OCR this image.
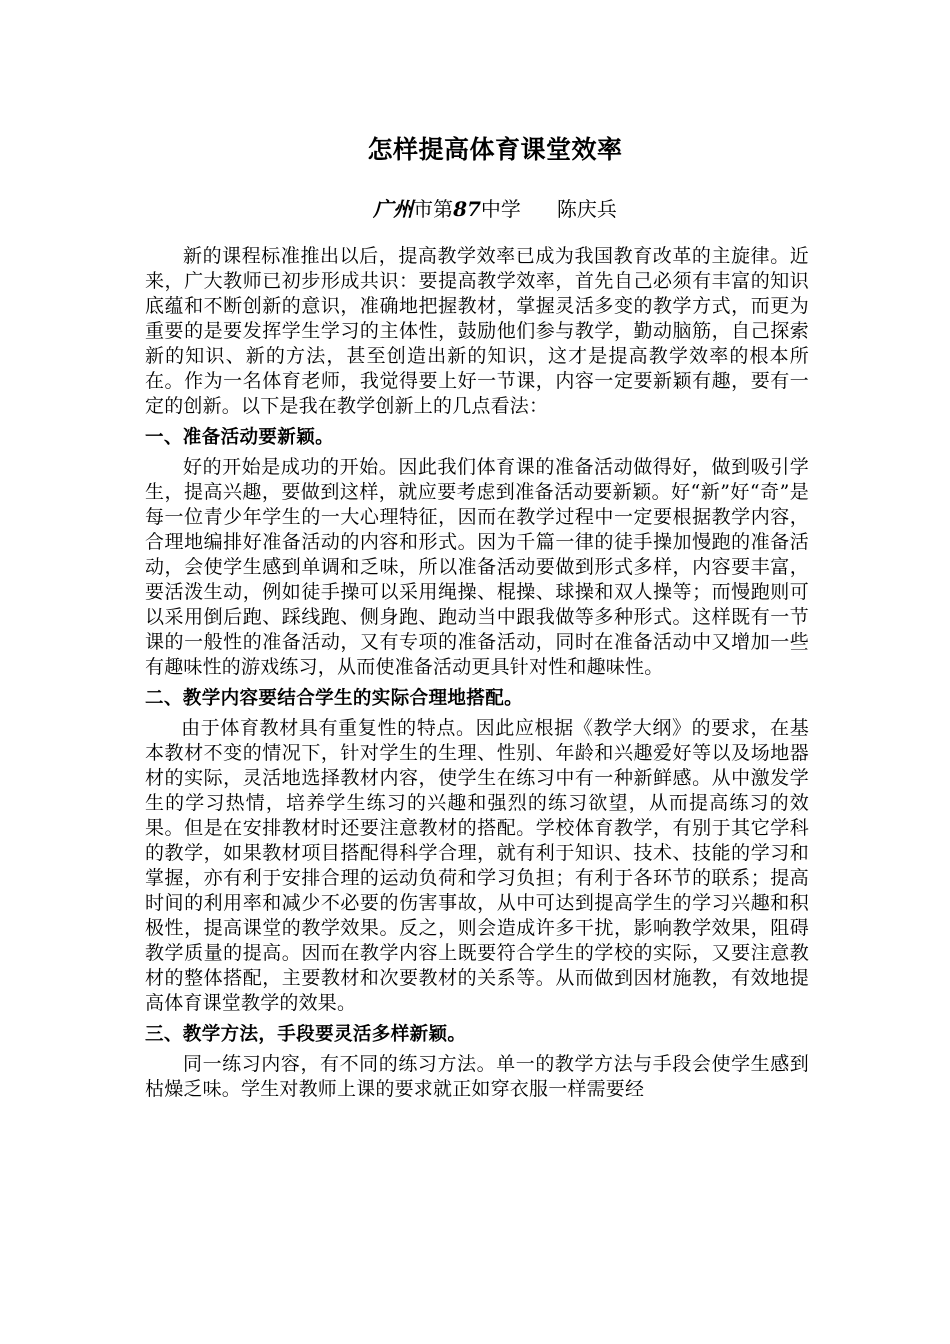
怎样提高体育课堂效率
广州市第87中学 陈庆兵

新的课程标准推出以后，提高教学效率已成为我国教育改革的主旋律。近来，广大教师已初步形成共识：要提高教学效率，首先自己必须有丰富的知识底蕴和不断创新的意识，准确地把握教材，掌握灵活多变的教学方式，而更为重要的是要发挥学生学习的主体性，鼓励他们参与教学，勤动脑筋，自己探索新的知识、新的方法，甚至创造出新的知识，这才是提高教学效率的根本所在。作为一名体育老师，我觉得要上好一节课，内容一定要新颖有趣，要有一定的创新。以下是我在教学创新上的几点看法：

一、准备活动要新颖。

好的开始是成功的开始。因此我们体育课的准备活动做得好，做到吸引学生，提高兴趣，要做到这样，就应要考虑到准备活动要新颖。好“新”好“奇”是每一位青少年学生的一大心理特征，因而在教学过程中一定要根据教学内容，合理地编排好准备活动的内容和形式。因为千篇一律的徒手操加慢跑的准备活动，会使学生感到单调和乏味，所以准备活动要做到形式多样，内容要丰富，要活泼生动，例如徒手操可以采用绳操、棍操、球操和双人操等；而慢跑则可以采用倒后跑、踩线跑、侧身跑、跑动当中跟我做等多种形式。这样既有一节课的一般性的准备活动，又有专项的准备活动，同时在准备活动中又增加一些有趣味性的游戏练习，从而使准备活动更具针对性和趣味性。

二、教学内容要结合学生的实际合理地搭配。

由于体育教材具有重复性的特点。因此应根据《教学大纲》的要求，在基本教材不变的情况下，针对学生的生理、性别、年龄和兴趣爱好等以及场地器材的实际，灵活地选择教材内容，使学生在练习中有一种新鲜感。从中激发学生的学习热情，培养学生练习的兴趣和强烈的练习欲望，从而提高练习的效果。但是在安排教材时还要注意教材的搭配。学校体育教学，有别于其它学科的教学，如果教材项目搭配得科学合理，就有利于知识、技术、技能的学习和掌握，亦有利于安排合理的运动负荷和学习负担；有利于各环节的联系；提高时间的利用率和减少不必要的伤害事故，从中可达到提高学生的学习兴趣和积极性，提高课堂的教学效果。反之，则会造成许多干扰，影响教学效果，阻碍教学质量的提高。因而在教学内容上既要符合学生的学校的实际，又要注意教材的整体搭配，主要教材和次要教材的关系等。从而做到因材施教，有效地提高体育课堂教学的效果。

三、教学方法，手段要灵活多样新颖。

同一练习内容，有不同的练习方法。单一的教学方法与手段会使学生感到枯燥乏味。学生对教师上课的要求就正如穿衣服一样需要经
